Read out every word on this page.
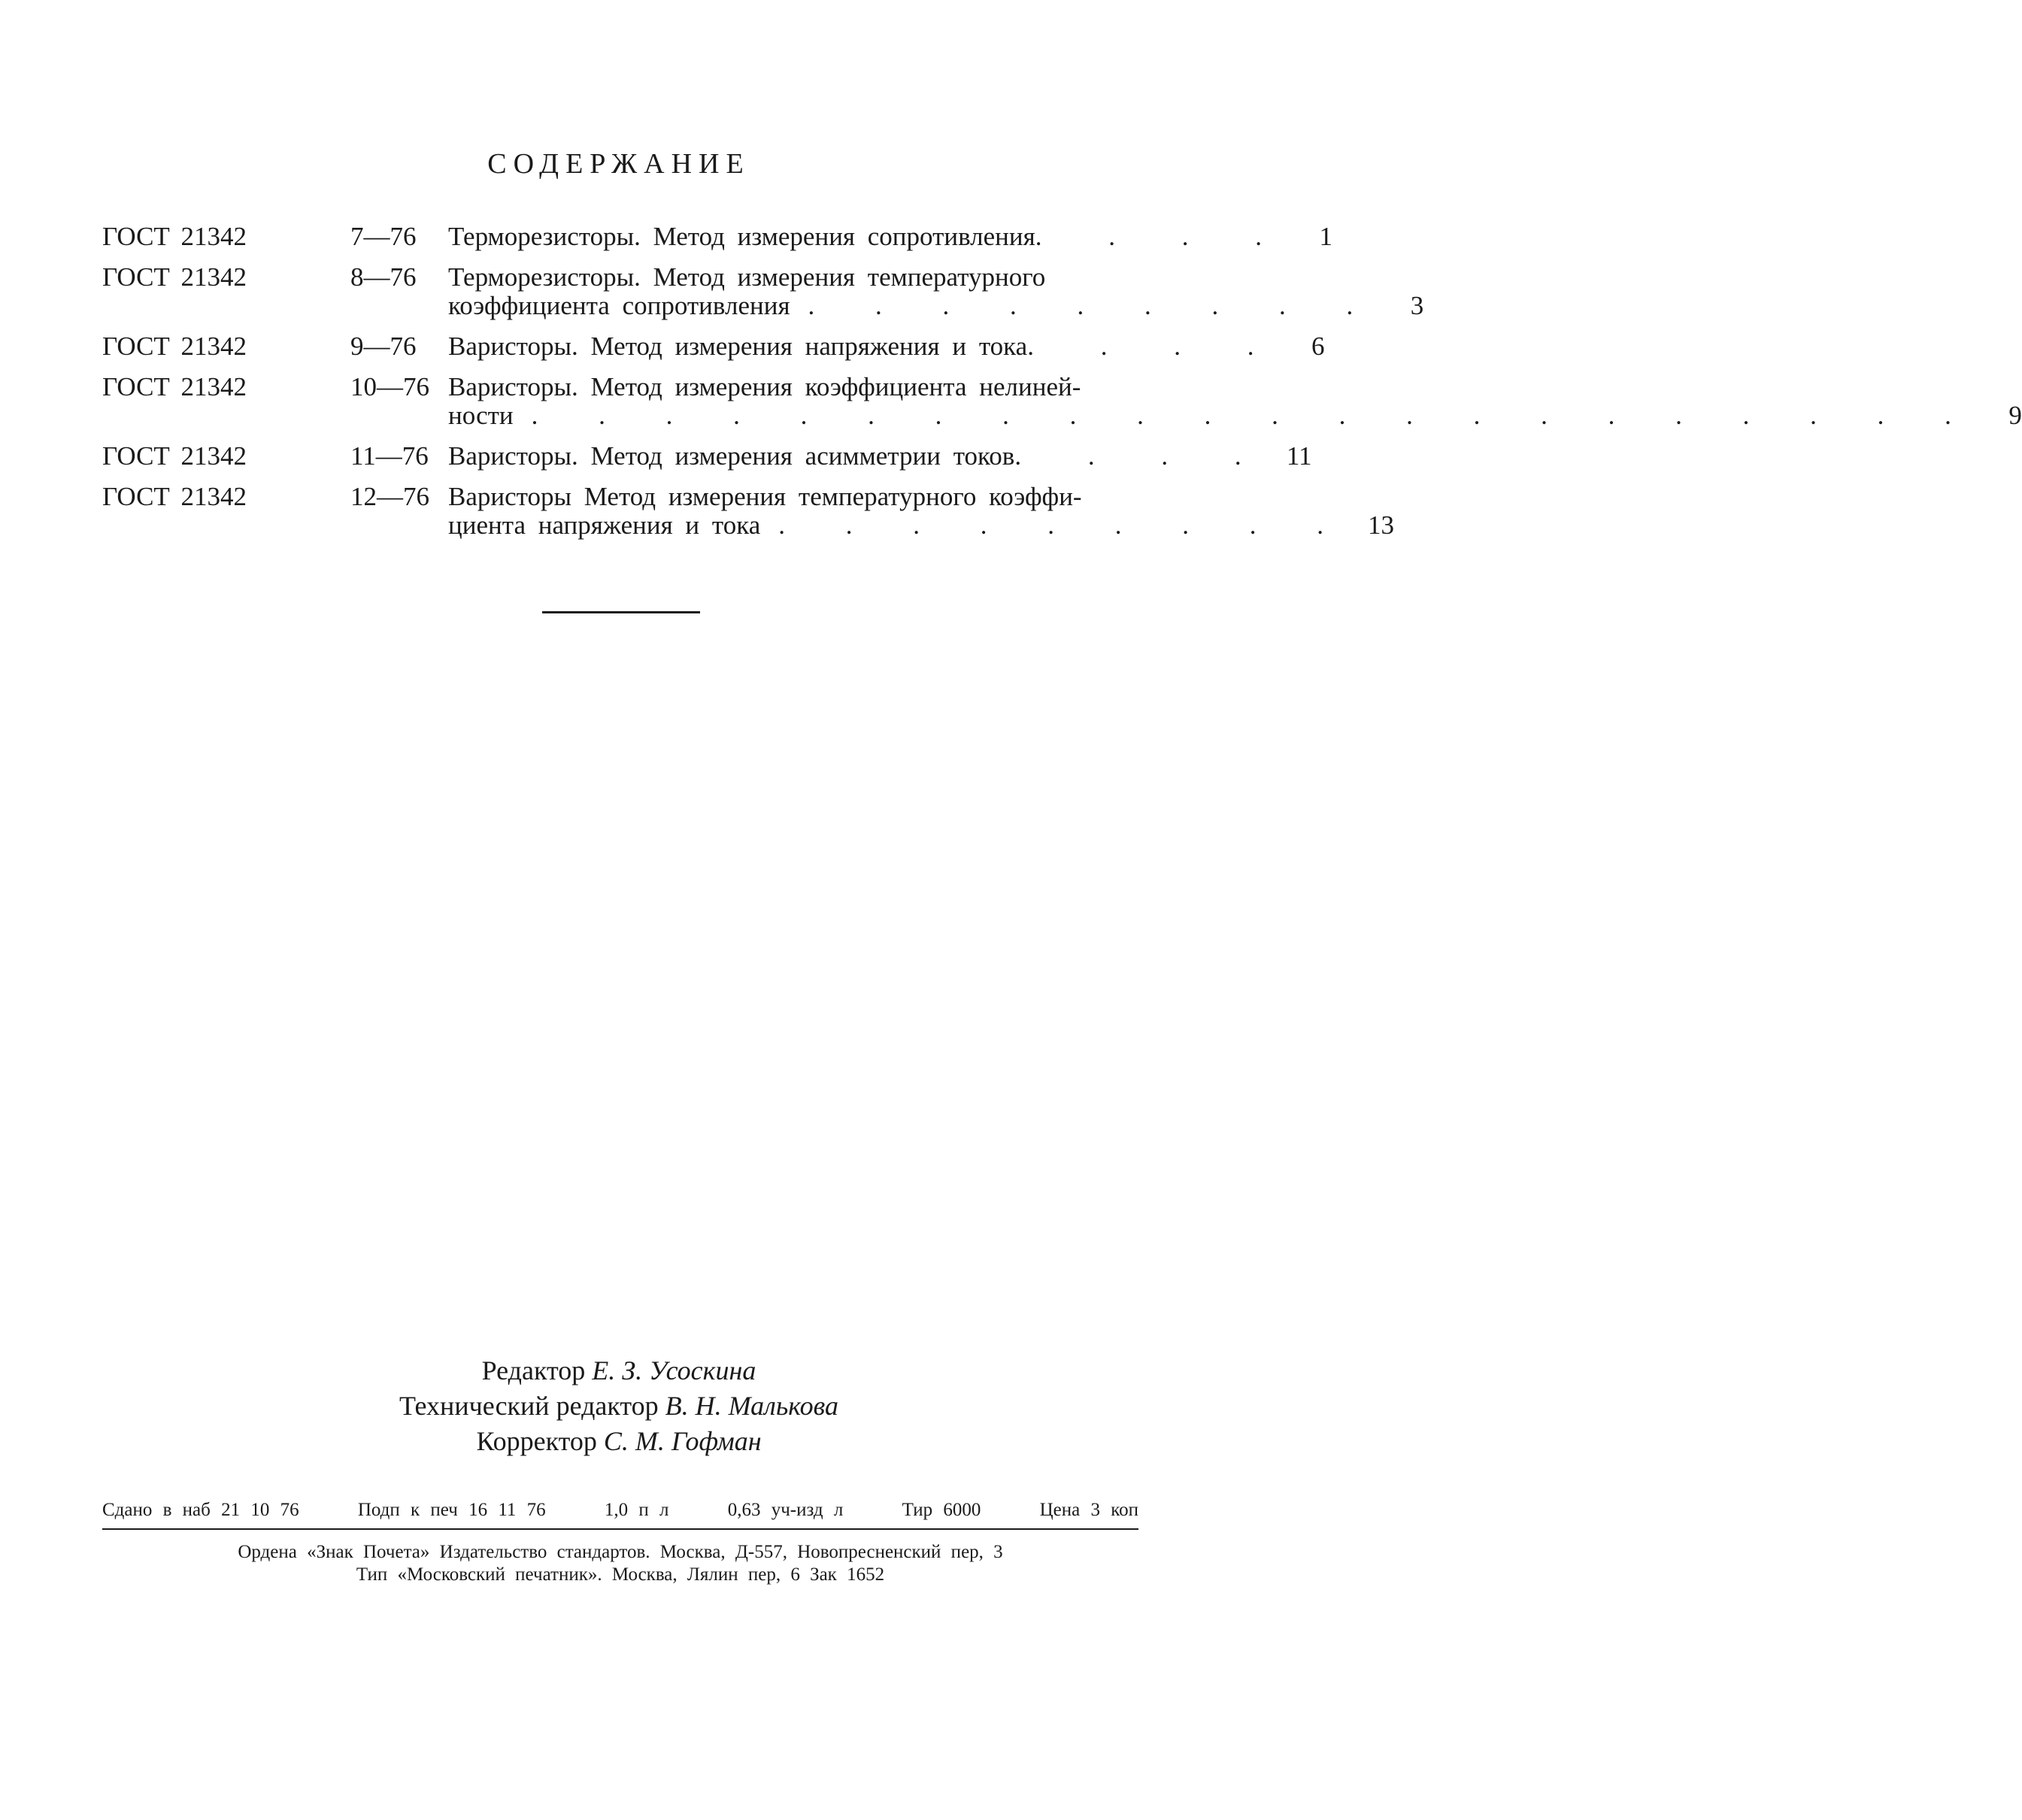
СОДЕРЖАНИЕ
ГОСТ 21342	7—76	Терморезисторы. Метод измерения сопротивления . . . .	1
ГОСТ 21342	8—76	Терморезисторы. Метод измерения температурного
коэффициента сопротивления . . . . . . . . .	3
ГОСТ 21342	9—76	Варисторы. Метод измерения напряжения и тока . . . .	6
ГОСТ 21342	10—76 Варисторы. Метод измерения коэффициента нелиней-
ности . . . . . . . . . . . . . . . . . . . . . .	9
ГОСТ 21342	11—76 Варисторы. Метод измерения асимметрии токов . . . . 11
ГОСТ 21342	12—76 Варисторы Метод измерения температурного коэффи-
циента напряжения и тока . . . . . . . . . 13
Редактор Е. З. Усоскина
Технический редактор В. Н. Малькова
Корректор С. М. Гофман
Сдано в наб 21 10 76	Подп к печ 16 11 76	1,0 п л	0,63 уч-изд л	Тир 6000	Цена 3 коп
Ордена «Знак Почета» Издательство стандартов. Москва, Д-557, Новопресненский пер, 3
Тип «Московский печатник». Москва, Лялин пер, 6 Зак 1652
